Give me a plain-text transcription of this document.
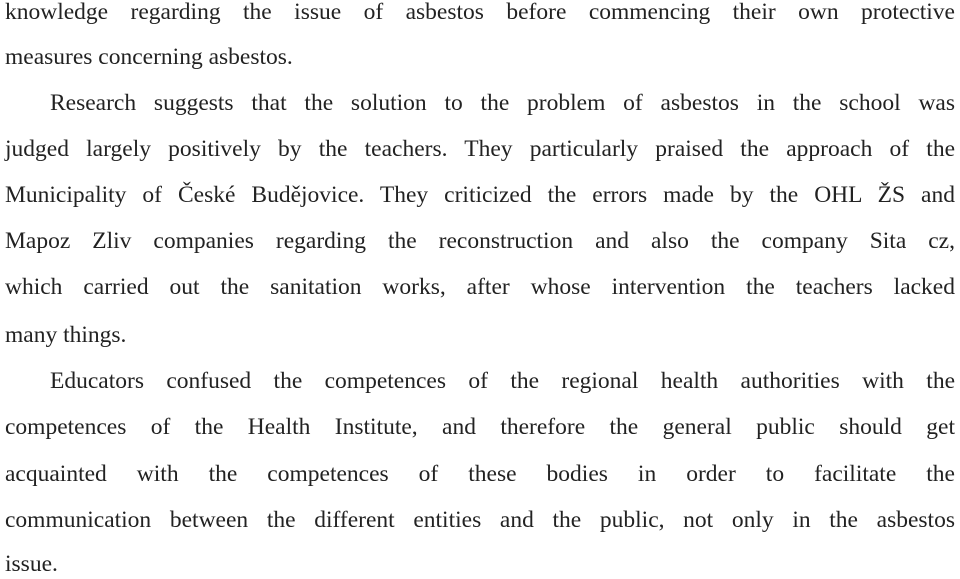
knowledge regarding the issue of asbestos before commencing their own protective
measures concerning asbestos.
Research suggests that the solution to the problem of asbestos in the school was
judged largely positively by the teachers. They particularly praised the approach of the
Municipality of České Budějovice. They criticized the errors made by the OHL ŽS and
Mapoz Zliv companies regarding the reconstruction and also the company Sita cz,
which carried out the sanitation works, after whose intervention the teachers lacked
many things.
Educators confused the competences of the regional health authorities with the
competences of the Health Institute, and therefore the general public should get
acquainted with the competences of these bodies in order to facilitate the
communication between the different entities and the public, not only in the asbestos
issue.
